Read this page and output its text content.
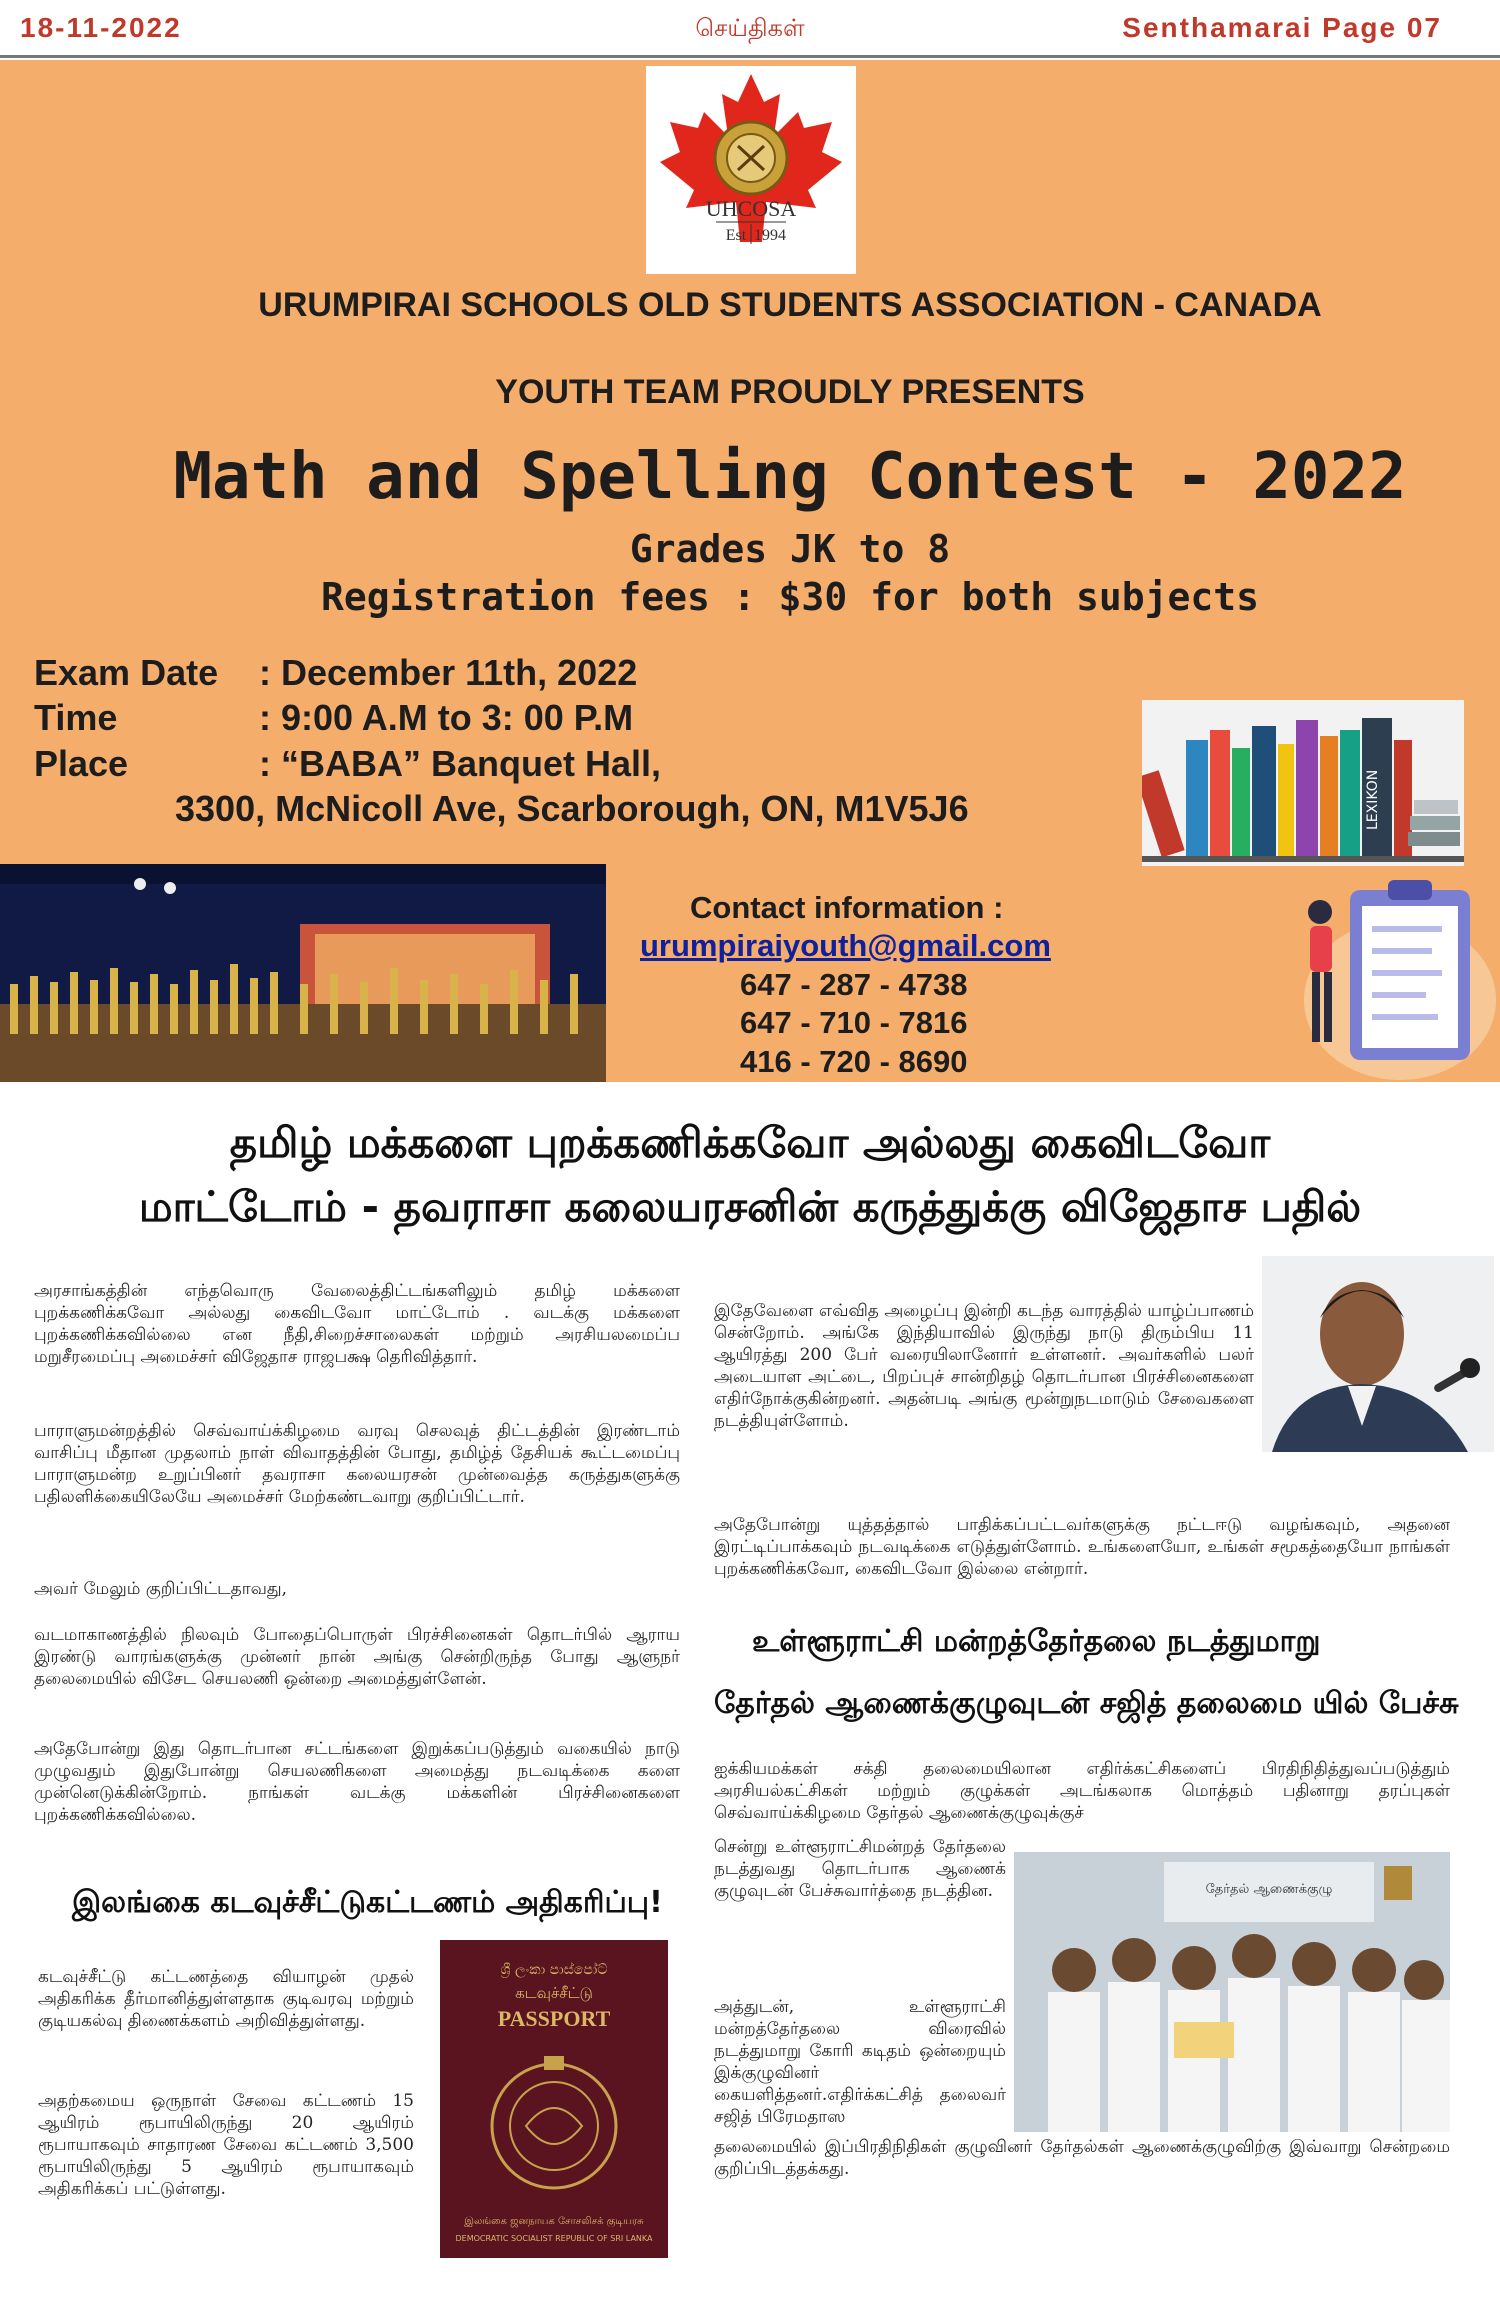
18-11-2022	செய்திகள்	Senthamarai Page 07
UHCOSA
Est 1994
URUMPIRAI SCHOOLS OLD STUDENTS ASSOCIATION - CANADA
YOUTH TEAM PROUDLY PRESENTS
Math and Spelling Contest - 2022
Grades JK to 8
Registration fees : $30 for both subjects
Exam Date : December 11th, 2022
Time	: 9:00 A.M to 3: 00 P.M
Place	: “BABA” Banquet Hall,
3300, McNicoll Ave, Scarborough, ON, M1V5J6	LEXIKON
Contact information :
urumpiraiyouth@gmail.com
647 - 287 - 4738
647 - 710 - 7816
416 - 720 - 8690
தமிழ் மக்களை புறக்கணிக்கவோ அல்லது கைவிடவோ
மாட்டோம் - தவராசா கலையரசனின் கருத்துக்கு விஜேதாச பதில்
அரசாங்கத்தின் எந்தவொரு வேலைத்திட்டங்களிலும் தமிழ் மக்களை புறக்கணிக்கவோ அல்லது கைவிடவோ மாட்டோம் . வடக்கு மக்களை புறக்கணிக்கவில்லை என நீதி,சிறைச்சாலைகள் மற்றும் அரசியலமைப்ப மறுசீரமைப்பு அமைச்சர் விஜேதாச ராஜபக்ஷ தெரிவித்தார்.
பாராளுமன்றத்தில் செவ்வாய்க்கிழமை வரவு செலவுத் திட்டத்தின் இரண்டாம் வாசிப்பு மீதான முதலாம் நாள் விவாதத்தின் போது, தமிழ்த் தேசியக் கூட்டமைப்பு பாராளுமன்ற உறுப்பினர் தவராசா கலையரசன் முன்வைத்த கருத்துகளுக்கு பதிலளிக்கையிலேயே அமைச்சர் மேற்கண்டவாறு குறிப்பிட்டார்.
அவர் மேலும் குறிப்பிட்டதாவது,
வடமாகாணத்தில் நிலவும் போதைப்பொருள் பிரச்சினைகள் தொடர்பில் ஆராய இரண்டு வாரங்களுக்கு முன்னர் நான் அங்கு சென்றிருந்த போது ஆளுநர் தலைமையில் விசேட செயலணி ஒன்றை அமைத்துள்ளேன்.
அதேபோன்று இது தொடர்பான சட்டங்களை இறுக்கப்படுத்தும் வகையில் நாடு முழுவதும் இதுபோன்று செயலணிகளை அமைத்து நடவடிக்கை களை முன்னெடுக்கின்றோம். நாங்கள் வடக்கு மக்களின் பிரச்சினைகளை புறக்கணிக்கவில்லை.
இதேவேளை எவ்வித அழைப்பு இன்றி கடந்த வாரத்தில் யாழ்ப்பாணம் சென்றோம். அங்கே இந்தியாவில் இருந்து நாடு திரும்பிய 11 ஆயிரத்து 200 பேர் வரையிலானோர் உள்ளனர். அவர்களில் பலர் அடையாள அட்டை, பிறப்புச் சான்றிதழ் தொடர்பான பிரச்சினைகளை எதிர்நோக்குகின்றனர். அதன்படி அங்கு மூன்றுநடமாடும் சேவைகளை நடத்தியுள்ளோம்.
அதேபோன்று யுத்தத்தால் பாதிக்கப்பட்டவர்களுக்கு நட்டஈடு வழங்கவும், அதனை இரட்டிப்பாக்கவும் நடவடிக்கை எடுத்துள்ளோம். உங்களையோ, உங்கள் சமூகத்தையோ நாங்கள் புறக்கணிக்கவோ, கைவிடவோ இல்லை என்றார்.
இலங்கை கடவுச்சீட்டுகட்டணம் அதிகரிப்பு!
கடவுச்சீட்டு கட்டணத்தை வியாழன் முதல் அதிகரிக்க தீர்மானித்துள்ளதாக குடிவரவு மற்றும் குடியகல்வு திணைக்களம் அறிவித்துள்ளது.
அதற்கமைய ஒருநாள் சேவை கட்டணம் 15 ஆயிரம் ரூபாயிலிருந்து 20 ஆயிரம் ரூபாயாகவும் சாதாரண சேவை கட்டணம் 3,500 ரூபாயிலிருந்து 5 ஆயிரம் ரூபாயாகவும் அதிகரிக்கப் பட்டுள்ளது.
ශ්‍රී ලංකා පාස්පෝට්
கடவுச்சீட்டு
PASSPORT
இலங்கை ஜனநாயக சோசலிசக் குடியரசு
DEMOCRATIC SOCIALIST REPUBLIC OF SRI LANKA
உள்ளூராட்சி மன்றத்தேர்தலை நடத்துமாறு
தேர்தல் ஆணைக்குழுவுடன் சஜித் தலைமை யில் பேச்சு
ஐக்கியமக்கள் சக்தி தலைமையிலான எதிர்க்கட்சிகளைப் பிரதிநிதித்துவப்படுத்தும் அரசியல்கட்சிகள் மற்றும் குழுக்கள் அடங்கலாக மொத்தம் பதினாறு தரப்புகள் செவ்வாய்க்கிழமை தேர்தல் ஆணைக்குழுவுக்குச்
சென்று உள்ளூராட்சிமன்றத் தேர்தலை நடத்துவது தொடர்பாக ஆணைக் குழுவுடன் பேச்சுவார்த்தை நடத்தின.
அத்துடன், உள்ளூராட்சி மன்றத்தேர்தலை விரைவில் நடத்துமாறு கோரி கடிதம் ஒன்றையும் இக்குழுவினர் கையளித்தனர்.எதிர்க்கட்சித் தலைவர் சஜித் பிரேமதாஸ
தலைமையில் இப்பிரதிநிதிகள் குழுவினர் தேர்தல்கள் ஆணைக்குழுவிற்கு இவ்வாறு சென்றமை குறிப்பிடத்தக்கது.
தேர்தல் ஆணைக்குழு
